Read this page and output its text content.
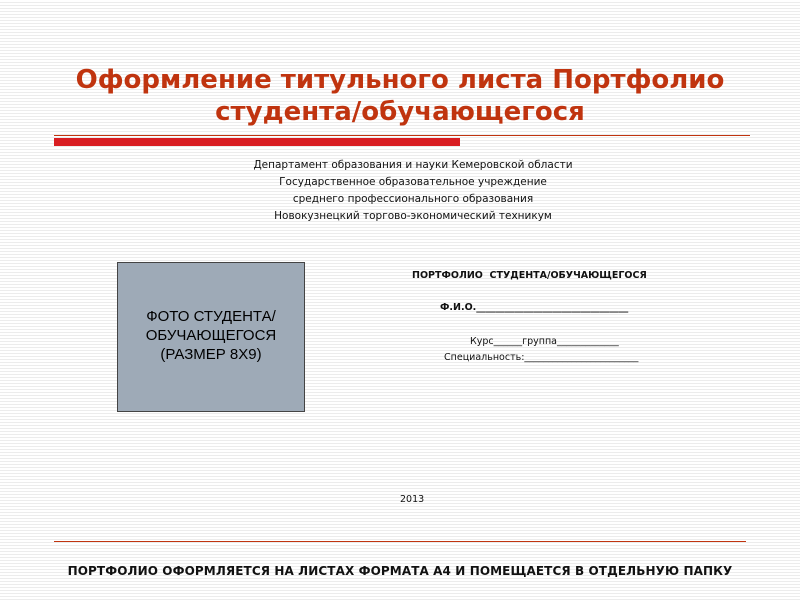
Оформление титульного листа Портфолио
студента/обучающегося
Департамент образования и науки Кемеровской области
Государственное образовательное учреждение
среднего профессионального образования
Новокузнецкий торгово-экономический техникум
ФОТО СТУДЕНТА/
ОБУЧАЮЩЕГОСЯ
(РАЗМЕР 8Х9)
ПОРТФОЛИО  СТУДЕНТА/ОБУЧАЮЩЕГОСЯ
Ф.И.О.________________________________
Курс______группа_____________
Специальность:________________________
2013
ПОРТФОЛИО ОФОРМЛЯЕТСЯ НА ЛИСТАХ ФОРМАТА А4 И ПОМЕЩАЕТСЯ В ОТДЕЛЬНУЮ ПАПКУ
